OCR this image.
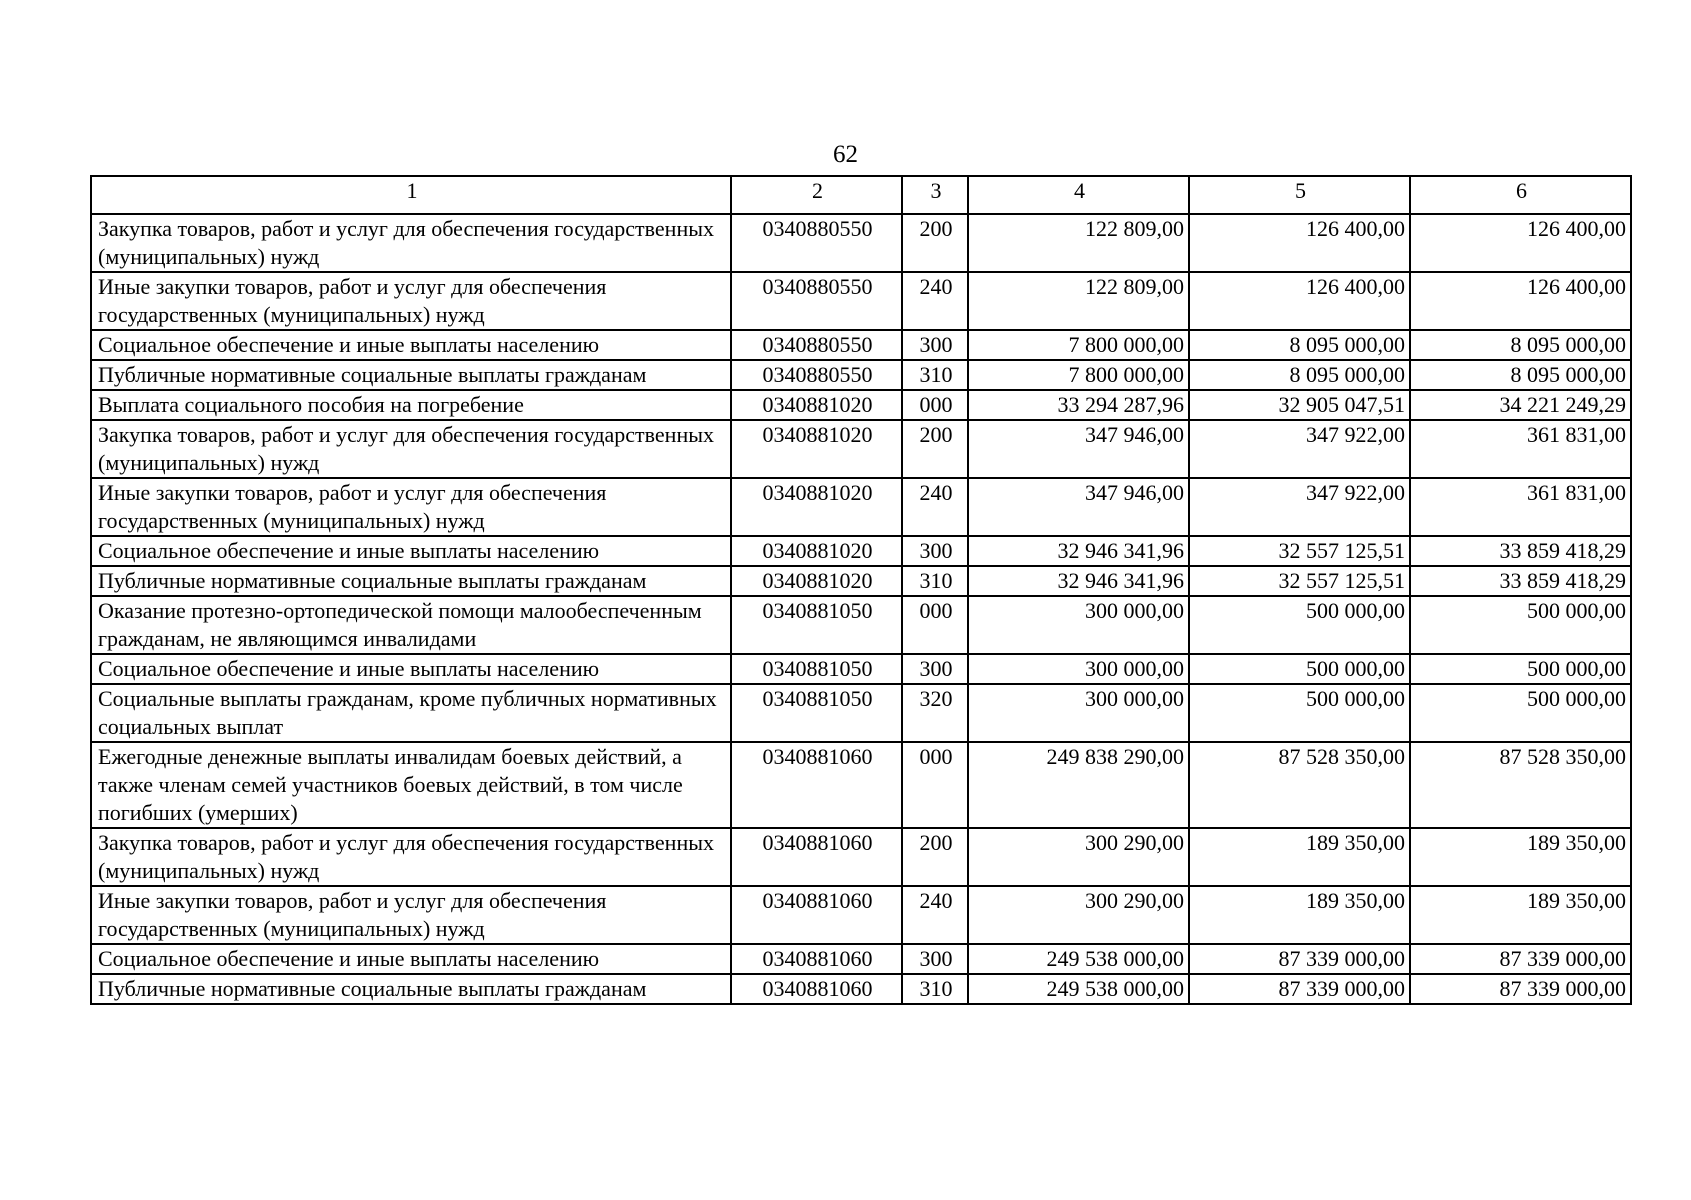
62
1	2	3	4	5	6
Закупка товаров, работ и услуг для обеспечения государственных (муниципальных) нужд	0340880550	200	122 809,00	126 400,00	126 400,00
Иные закупки товаров, работ и услуг для обеспечения государственных (муниципальных) нужд	0340880550	240	122 809,00	126 400,00	126 400,00
Социальное обеспечение и иные выплаты населению	0340880550	300	7 800 000,00	8 095 000,00	8 095 000,00
Публичные нормативные социальные выплаты гражданам	0340880550	310	7 800 000,00	8 095 000,00	8 095 000,00
Выплата социального пособия на погребение	0340881020	000	33 294 287,96	32 905 047,51	34 221 249,29
Закупка товаров, работ и услуг для обеспечения государственных (муниципальных) нужд	0340881020	200	347 946,00	347 922,00	361 831,00
Иные закупки товаров, работ и услуг для обеспечения государственных (муниципальных) нужд	0340881020	240	347 946,00	347 922,00	361 831,00
Социальное обеспечение и иные выплаты населению	0340881020	300	32 946 341,96	32 557 125,51	33 859 418,29
Публичные нормативные социальные выплаты гражданам	0340881020	310	32 946 341,96	32 557 125,51	33 859 418,29
Оказание протезно-ортопедической помощи малообеспеченным гражданам, не являющимся инвалидами	0340881050	000	300 000,00	500 000,00	500 000,00
Социальное обеспечение и иные выплаты населению	0340881050	300	300 000,00	500 000,00	500 000,00
Социальные выплаты гражданам, кроме публичных нормативных социальных выплат	0340881050	320	300 000,00	500 000,00	500 000,00
Ежегодные денежные выплаты инвалидам боевых действий, а также членам семей участников боевых действий, в том числе погибших (умерших)	0340881060	000	249 838 290,00	87 528 350,00	87 528 350,00
Закупка товаров, работ и услуг для обеспечения государственных (муниципальных) нужд	0340881060	200	300 290,00	189 350,00	189 350,00
Иные закупки товаров, работ и услуг для обеспечения государственных (муниципальных) нужд	0340881060	240	300 290,00	189 350,00	189 350,00
Социальное обеспечение и иные выплаты населению	0340881060	300	249 538 000,00	87 339 000,00	87 339 000,00
Публичные нормативные социальные выплаты гражданам	0340881060	310	249 538 000,00	87 339 000,00	87 339 000,00
